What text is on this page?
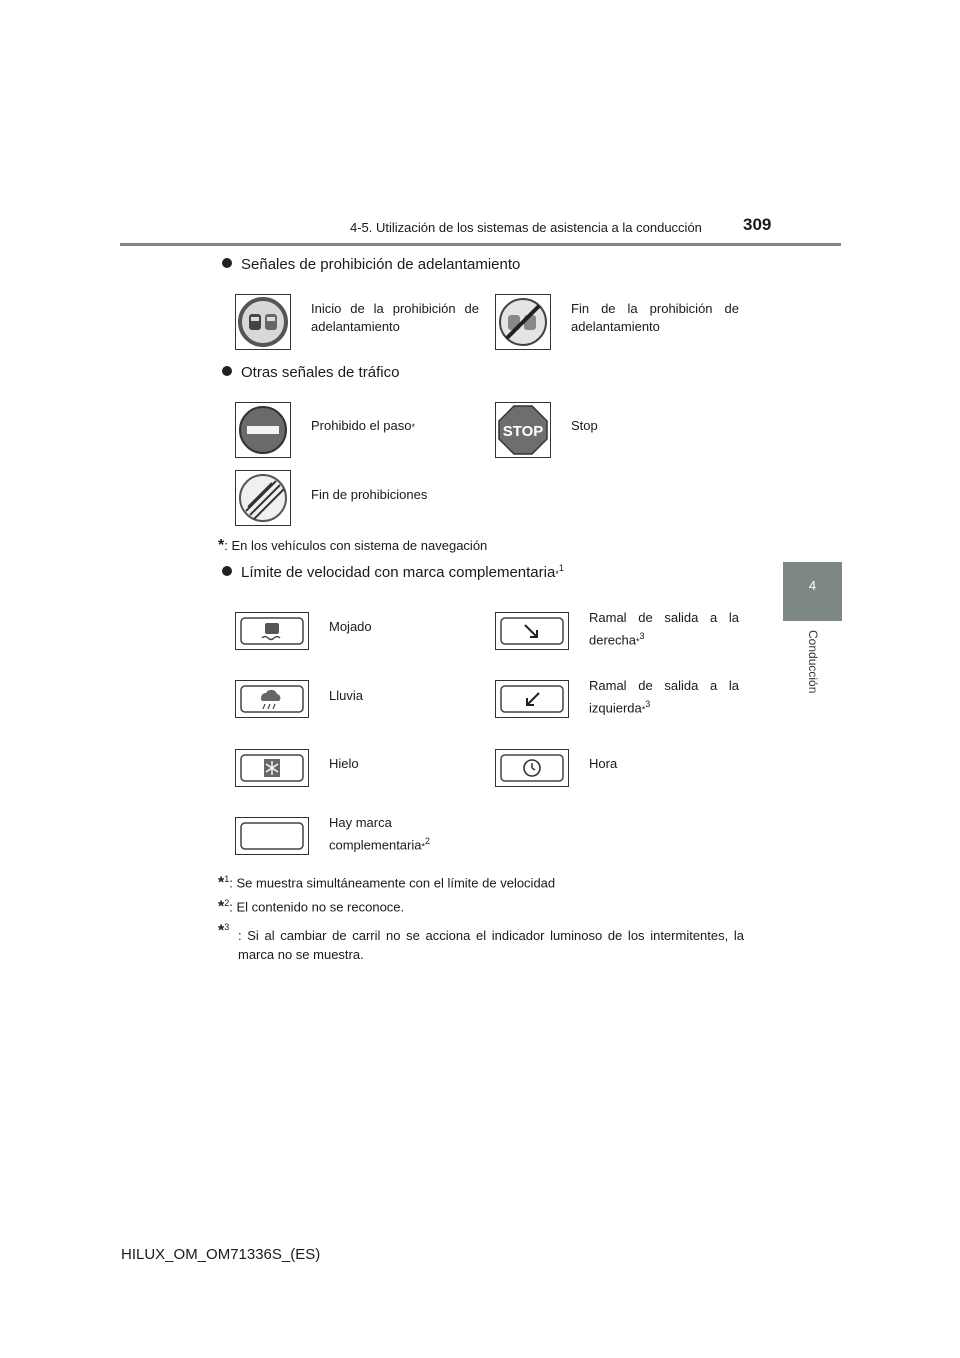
4-5. Utilización de los sistemas de asistencia a la conducción 309
4
Conducción
Señales de prohibición de adelantamiento
Inicio de la prohibición de adelantamiento
Fin de la prohibición de adelantamiento
Otras señales de tráfico
Prohibido el paso*	STOP Stop
Fin de prohibiciones
*: En los vehículos con sistema de navegación
Límite de velocidad con marca complementaria*$^1$
Mojado
Ramal de salida a la derecha*$^3$
Lluvia
Ramal de salida a la izquierda*$^3$
Hielo	Hora
Hay marca complementaria*$^2$
*$^1$: Se muestra simultáneamente con el límite de velocidad
*$^2$: El contenido no se reconoce.
*$^3$
: Si al cambiar de carril no se acciona el indicador luminoso de los intermitentes, la marca no se muestra.
HILUX_OM_OM71336S_(ES)
